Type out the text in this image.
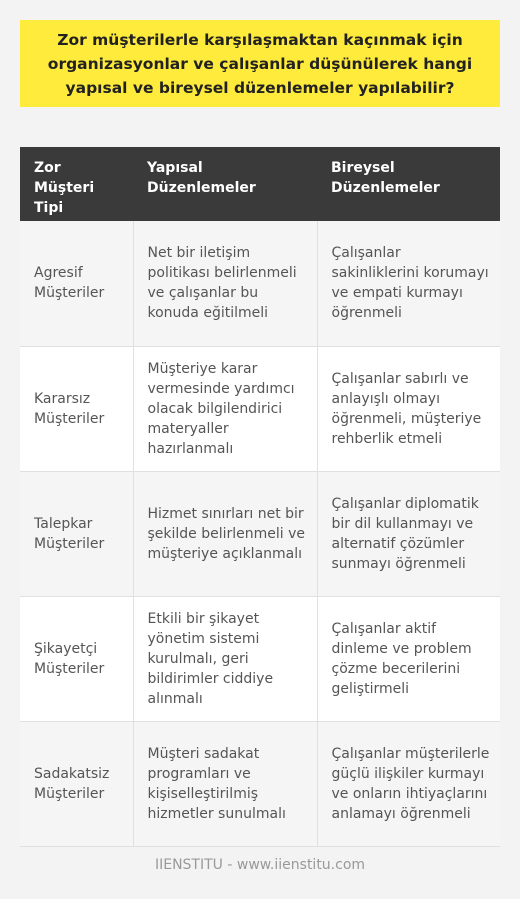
Zor müşterilerle karşılaşmaktan kaçınmak için organizasyonlar ve çalışanlar düşünülerek hangi yapısal ve bireysel düzenlemeler yapılabilir?
Zor Müşteri Tipi	Yapısal Düzenlemeler	Bireysel Düzenlemeler
Agresif Müşteriler	Net bir iletişim politikası belirlenmeli ve çalışanlar bu konuda eğitilmeli	Çalışanlar sakinliklerini korumayı ve empati kurmayı öğrenmeli
Kararsız Müşteriler	Müşteriye karar vermesinde yardımcı olacak bilgilendirici materyaller hazırlanmalı	Çalışanlar sabırlı ve anlayışlı olmayı öğrenmeli, müşteriye rehberlik etmeli
Talepkar Müşteriler	Hizmet sınırları net bir şekilde belirlenmeli ve müşteriye açıklanmalı	Çalışanlar diplomatik bir dil kullanmayı ve alternatif çözümler sunmayı öğrenmeli
Şikayetçi Müşteriler	Etkili bir şikayet yönetim sistemi kurulmalı, geri bildirimler ciddiye alınmalı	Çalışanlar aktif dinleme ve problem çözme becerilerini geliştirmeli
Sadakatsiz Müşteriler	Müşteri sadakat programları ve kişiselleştirilmiş hizmetler sunulmalı	Çalışanlar müşterilerle güçlü ilişkiler kurmayı ve onların ihtiyaçlarını anlamayı öğrenmeli
IIENSTITU - www.iienstitu.com
